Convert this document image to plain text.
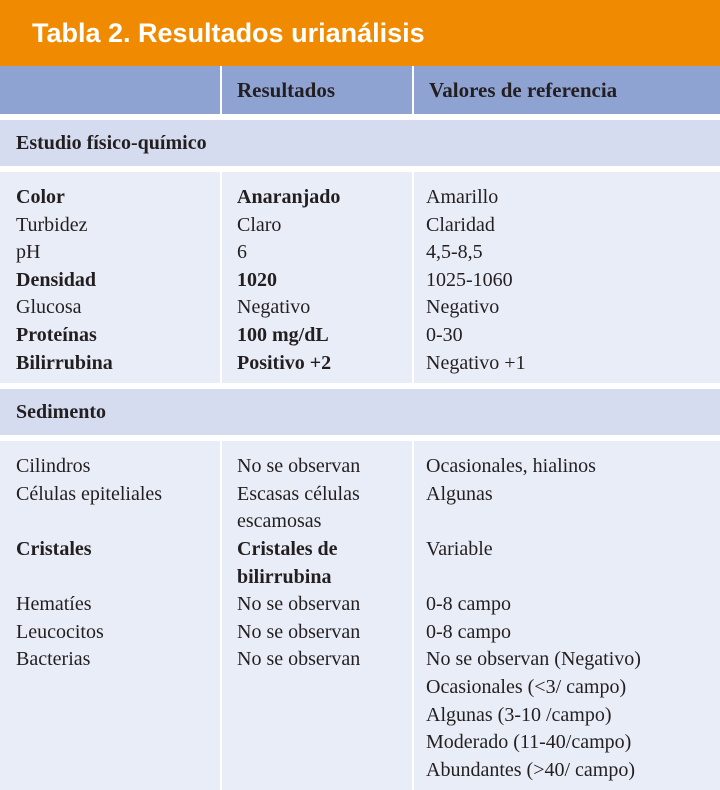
Tabla 2. Resultados urianálisis
Resultados	Valores de referencia
Estudio físico-químico
Color
Turbidez
pH
Densidad
Glucosa
Proteínas
Bilirrubina
Anaranjado
Claro
6
1020
Negativo
100 mg/dL
Positivo +2
Amarillo
Claridad
4,5-8,5
1025-1060
Negativo
0-30
Negativo +1
Sedimento
Cilindros
Células epiteliales

Cristales

Hematíes
Leucocitos
Bacterias

No se observan
Escasas células
escamosas
Cristales de
bilirrubina
No se observan
No se observan
No se observan

Ocasionales, hialinos
Algunas

Variable

0-8 campo
0-8 campo
No se observan (Negativo)
Ocasionales (<3/ campo)
Algunas (3-10 /campo)
Moderado (11-40/campo)
Abundantes (>40/ campo)
